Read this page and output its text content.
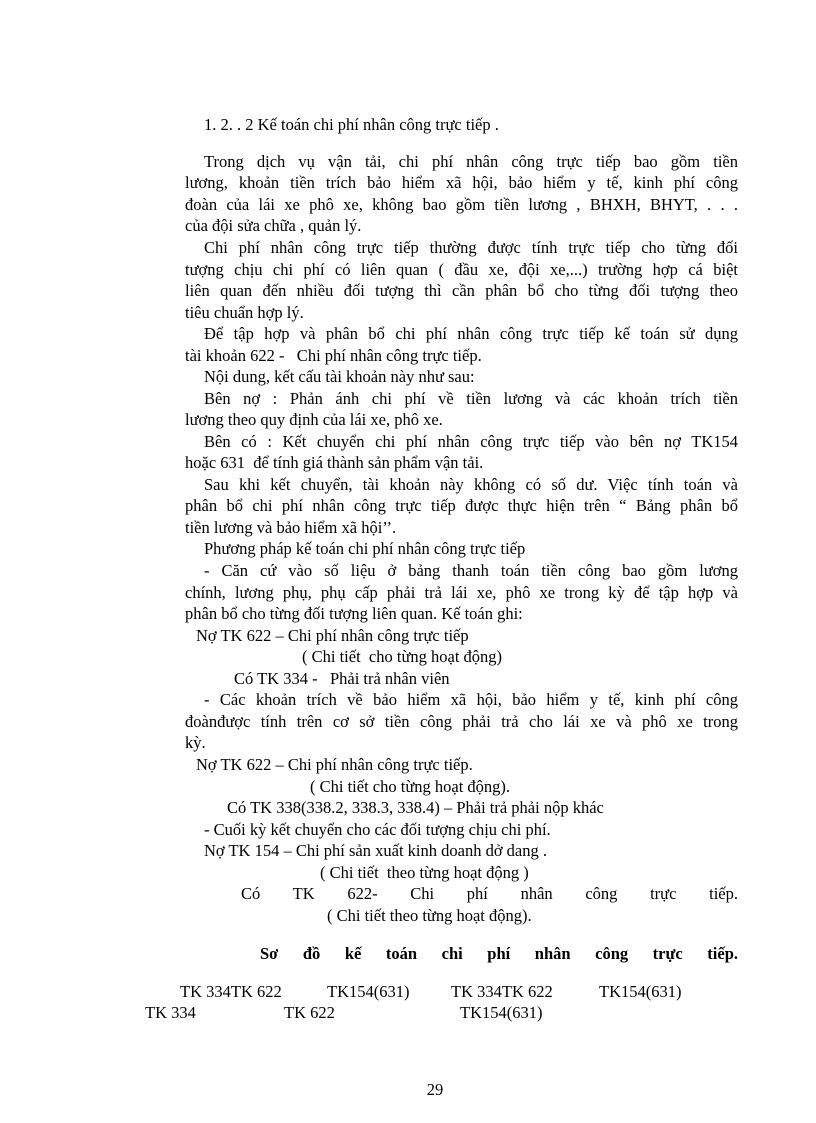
1. 2. . 2 Kế toán chi phí nhân công trực tiếp .
Trong dịch vụ vận tải, chi phí nhân công trực tiếp bao gồm tiền
lương, khoản tiền trích bảo hiểm xã hội, bảo hiểm y tế, kinh phí công
đoàn của lái xe phô xe, không bao gồm tiền lương , BHXH, BHYT, . . .
của đội sửa chữa , quản lý.
Chi phí nhân công trực tiếp thường được tính trực tiếp cho từng đối
tượng chịu chi phí có liên quan ( đầu xe, đội xe,...) trường hợp cá biệt
liên quan đến nhiều đối tượng thì cần phân bổ cho từng đối tượng theo
tiêu chuẩn hợp lý.
Để tập hợp và phân bổ chi phí nhân công trực tiếp kế toán sử dụng
tài khoản 622 -   Chi phí nhân công trực tiếp.
Nội dung, kết cấu tài khoản này như sau:
Bên nợ : Phản ánh chi phí về tiền lương và các khoản trích tiền
lương theo quy định của lái xe, phô xe.
Bên có : Kết chuyển chi phí nhân công trực tiếp vào bên nợ TK154
hoặc 631  để tính giá thành sản phẩm vận tải.
Sau khi kết chuyển, tài khoản này không có số dư. Việc tính toán và
phân bổ chi phí nhân công trực tiếp được thực hiện trên “ Bảng phân bổ
tiền lương và bảo hiểm xã hội’’.
Phương pháp kế toán chi phí nhân công trực tiếp
- Căn cứ vào số liệu ở bảng thanh toán tiền công bao gồm lương
chính, lương phụ, phụ cấp phải trả lái xe, phô xe trong kỳ để tập hợp và
phân bổ cho từng đối tượng liên quan. Kế toán ghi:
Nợ TK 622 – Chi phí nhân công trực tiếp
( Chi tiết  cho từng hoạt động)
Có TK 334 -   Phải trả nhân viên
- Các khoản trích về bảo hiểm xã hội, bảo hiểm y tế, kinh phí công
đoànđược tính trên cơ sở tiền công phải trả cho lái xe và phô xe trong
kỳ.
Nợ TK 622 – Chi phí nhân công trực tiếp.
( Chi tiết cho từng hoạt động).
Có TK 338(338.2, 338.3, 338.4) – Phải trả phải nộp khác
- Cuối kỳ kết chuyển cho các đối tượng chịu chi phí.
Nợ TK 154 – Chi phí sản xuất kinh doanh dở dang .
( Chi tiết  theo từng hoạt động )
Có TK 622- Chi phí nhân công trực tiếp.
( Chi tiết theo từng hoạt động).
Sơ đồ kế toán chi phí nhân công trực tiếp.
TK 334TK 622	TK154(631)	TK 334TK 622	TK154(631)
TK 334	TK 622	TK154(631)
29
